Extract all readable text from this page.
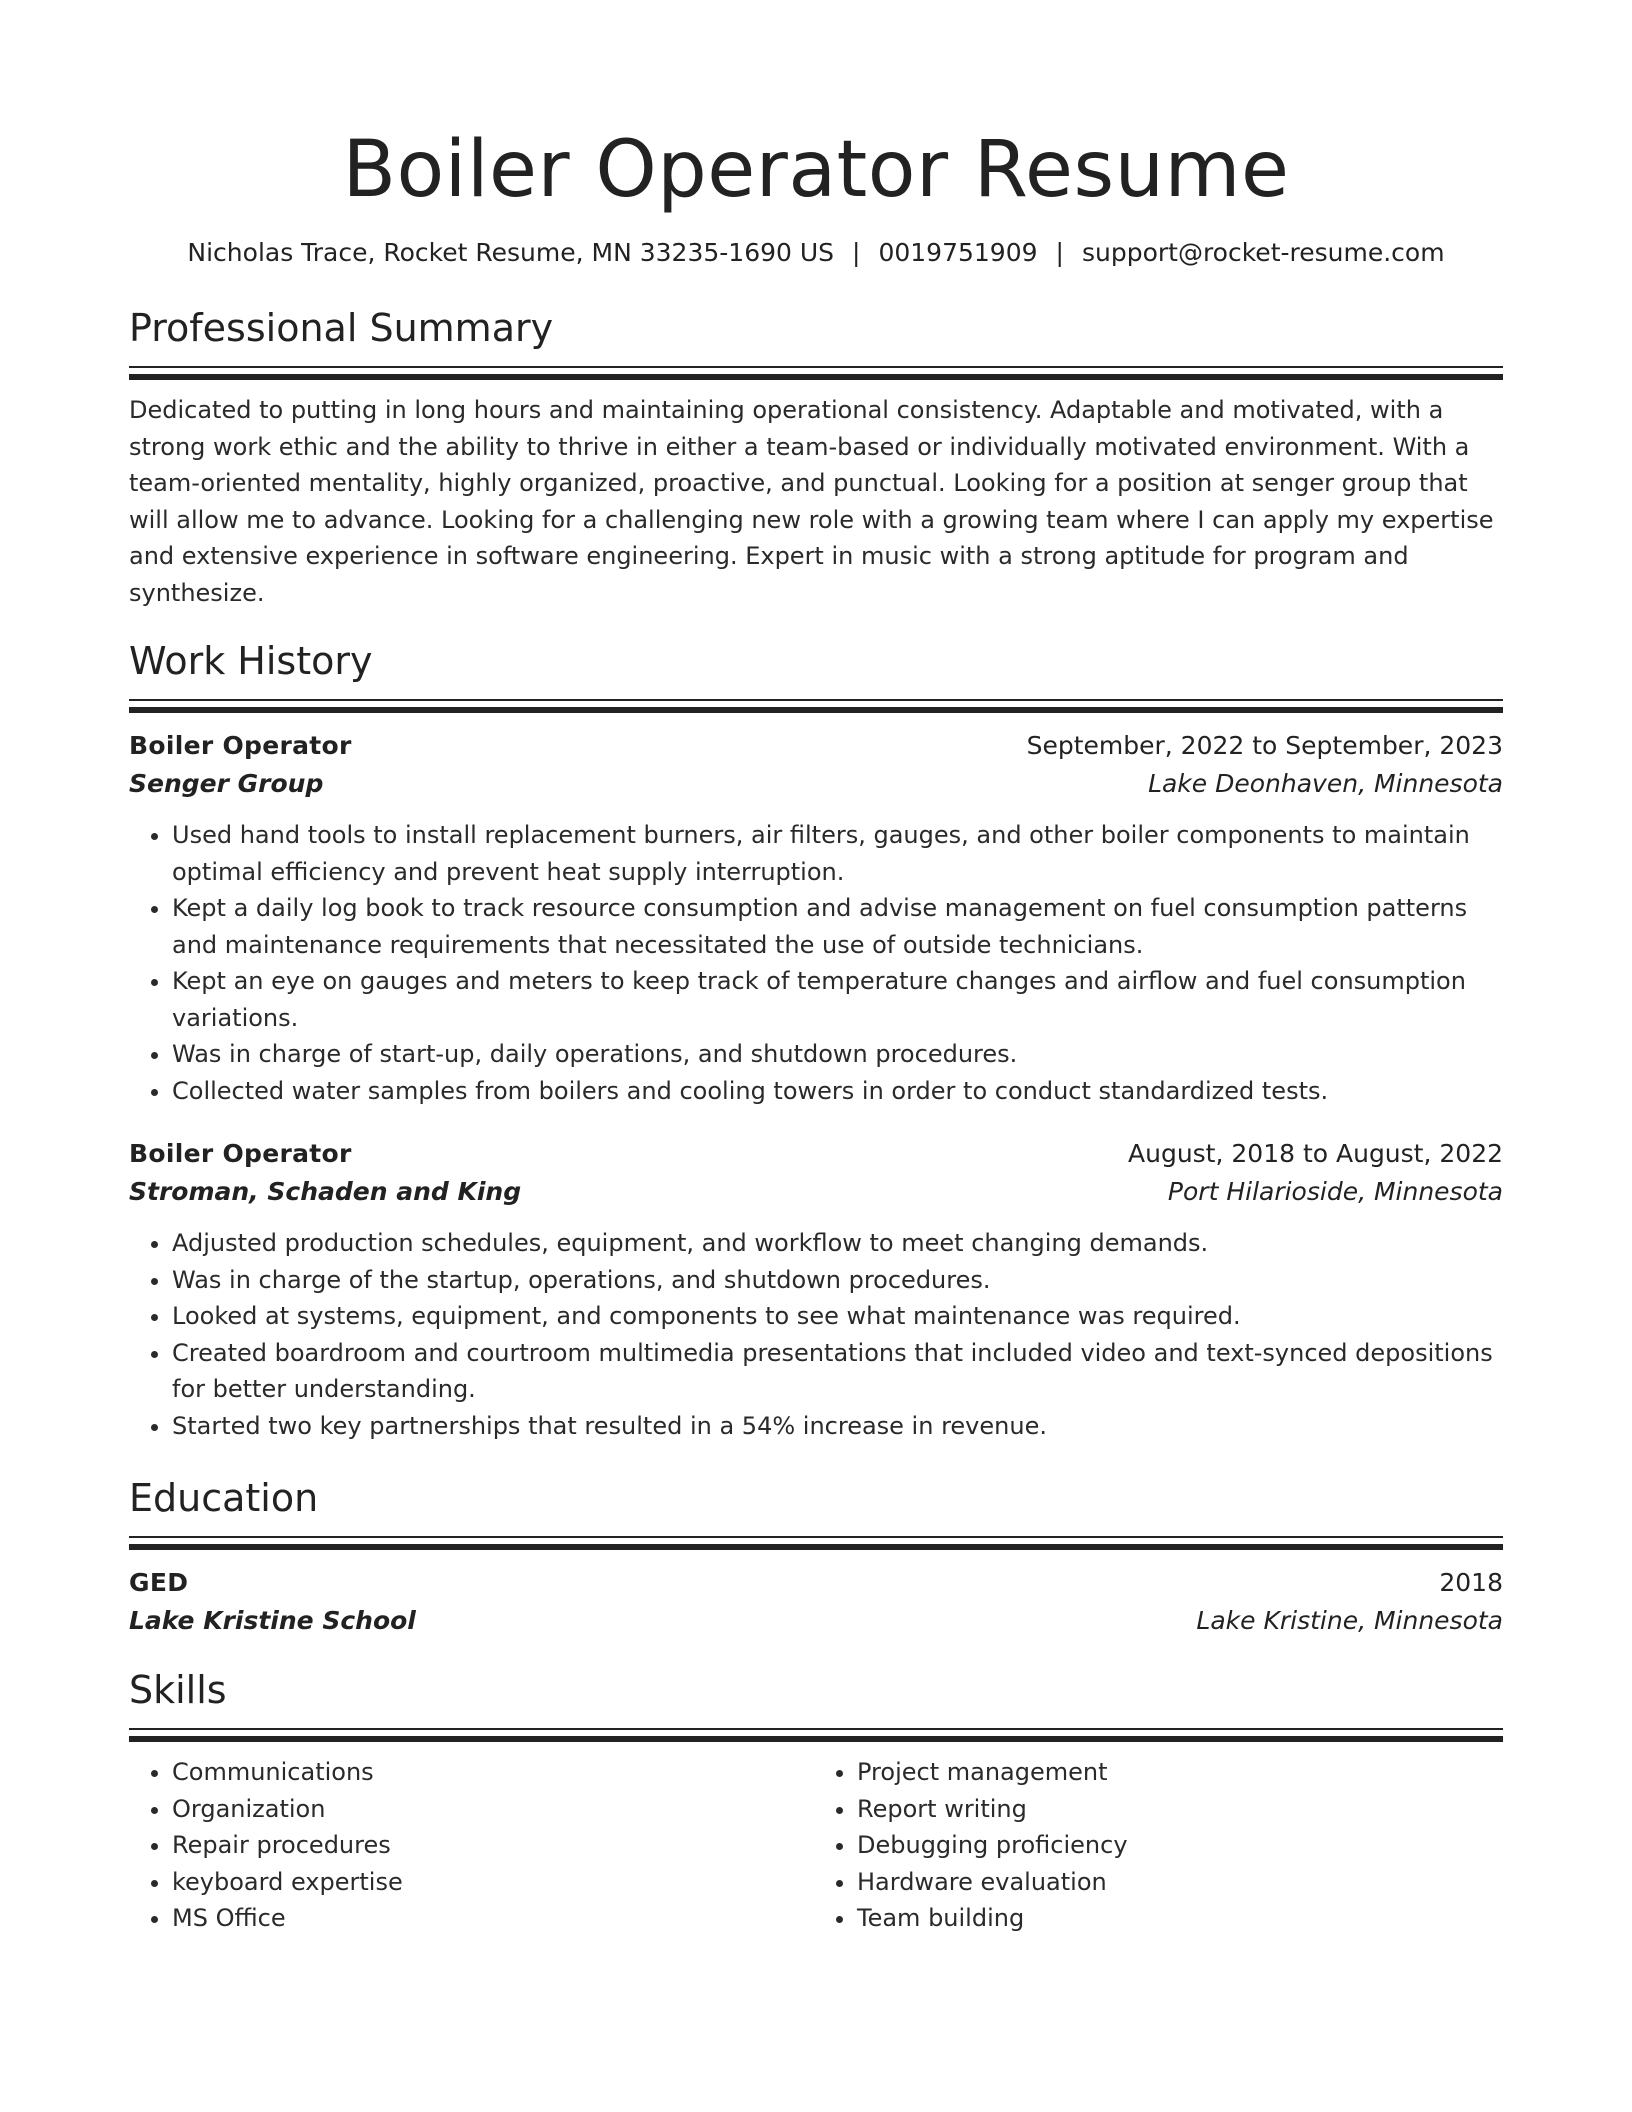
Boiler Operator Resume
Nicholas Trace, Rocket Resume, MN 33235-1690 US | 0019751909 | support@rocket-resume.com
Professional Summary

Dedicated to putting in long hours and maintaining operational consistency. Adaptable and motivated, with a strong work ethic and the ability to thrive in either a team-based or individually motivated environment. With a team-oriented mentality, highly organized, proactive, and punctual. Looking for a position at senger group that will allow me to advance. Looking for a challenging new role with a growing team where I can apply my expertise and extensive experience in software engineering. Expert in music with a strong aptitude for program and synthesize.

Work History
Boiler Operator	September, 2022 to September, 2023
Senger Group	Lake Deonhaven, Minnesota
• Used hand tools to install replacement burners, air filters, gauges, and other boiler components to maintain optimal efficiency and prevent heat supply interruption.
• Kept a daily log book to track resource consumption and advise management on fuel consumption patterns and maintenance requirements that necessitated the use of outside technicians.
• Kept an eye on gauges and meters to keep track of temperature changes and airflow and fuel consumption variations.
• Was in charge of start-up, daily operations, and shutdown procedures.
• Collected water samples from boilers and cooling towers in order to conduct standardized tests.
Boiler Operator	August, 2018 to August, 2022
Stroman, Schaden and King	Port Hilarioside, Minnesota
• Adjusted production schedules, equipment, and workflow to meet changing demands.
• Was in charge of the startup, operations, and shutdown procedures.
• Looked at systems, equipment, and components to see what maintenance was required.
• Created boardroom and courtroom multimedia presentations that included video and text-synced depositions for better understanding.
• Started two key partnerships that resulted in a 54% increase in revenue.
Education
GED	2018
Lake Kristine School	Lake Kristine, Minnesota
Skills
• Communications
• Organization
• Repair procedures
• keyboard expertise
• MS Office
• Project management
• Report writing
• Debugging proficiency
• Hardware evaluation
• Team building
